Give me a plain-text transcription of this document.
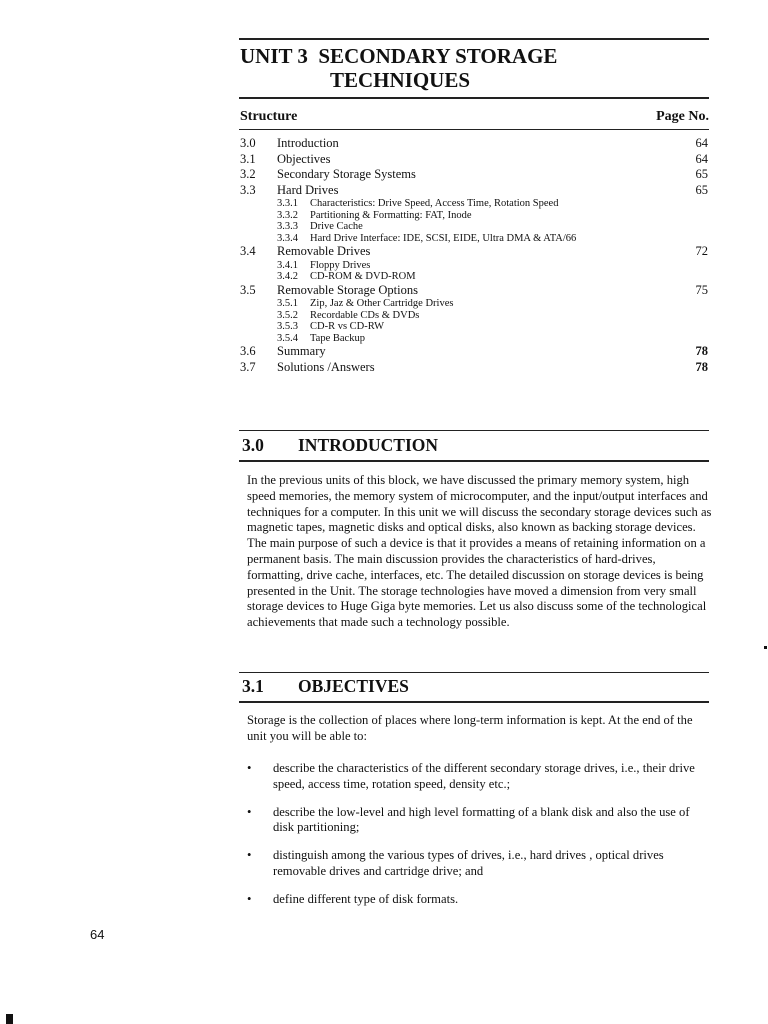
UNIT 3  SECONDARY STORAGE
TECHNIQUES
Structure	Page No.
3.0 Introduction	64
3.1 Objectives	64
3.2 Secondary Storage Systems	65
3.3 Hard Drives	65
3.3.1 Characteristics: Drive Speed, Access Time, Rotation Speed
3.3.2 Partitioning & Formatting: FAT, Inode
3.3.3 Drive Cache
3.3.4 Hard Drive Interface: IDE, SCSI, EIDE, Ultra DMA & ATA/66
3.4 Removable Drives	72
3.4.1 Floppy Drives
3.4.2 CD-ROM & DVD-ROM
3.5 Removable Storage Options	75
3.5.1 Zip, Jaz & Other Cartridge Drives
3.5.2 Recordable CDs & DVDs
3.5.3 CD-R vs CD-RW
3.5.4 Tape Backup
3.6 Summary	78
3.7 Solutions /Answers	78
3.0 INTRODUCTION

In the previous units of this block, we have discussed the primary memory system, high speed memories, the memory system of microcomputer, and the input/output interfaces and techniques for a computer. In this unit we will discuss the secondary storage devices such as magnetic tapes, magnetic disks and optical disks, also known as backing storage devices. The main purpose of such a device is that it provides a means of retaining information on a permanent basis. The main discussion provides the characteristics of hard-drives, formatting, drive cache, interfaces, etc. The detailed discussion on storage devices is being presented in the Unit. The storage technologies have moved a dimension from very small storage devices to Huge Giga byte memories. Let us also discuss some of the technological achievements that made such a technology possible.

3.1 OBJECTIVES

Storage is the collection of places where long-term information is kept. At the end of the unit you will be able to:

• describe the characteristics of the different secondary storage drives, i.e., their drive speed, access time, rotation speed, density etc.;
• describe the low-level and high level formatting of a blank disk and also the use of disk partitioning;
• distinguish among the various types of drives, i.e., hard drives , optical drives removable drives and cartridge drive; and
• define different type of disk formats.
64
